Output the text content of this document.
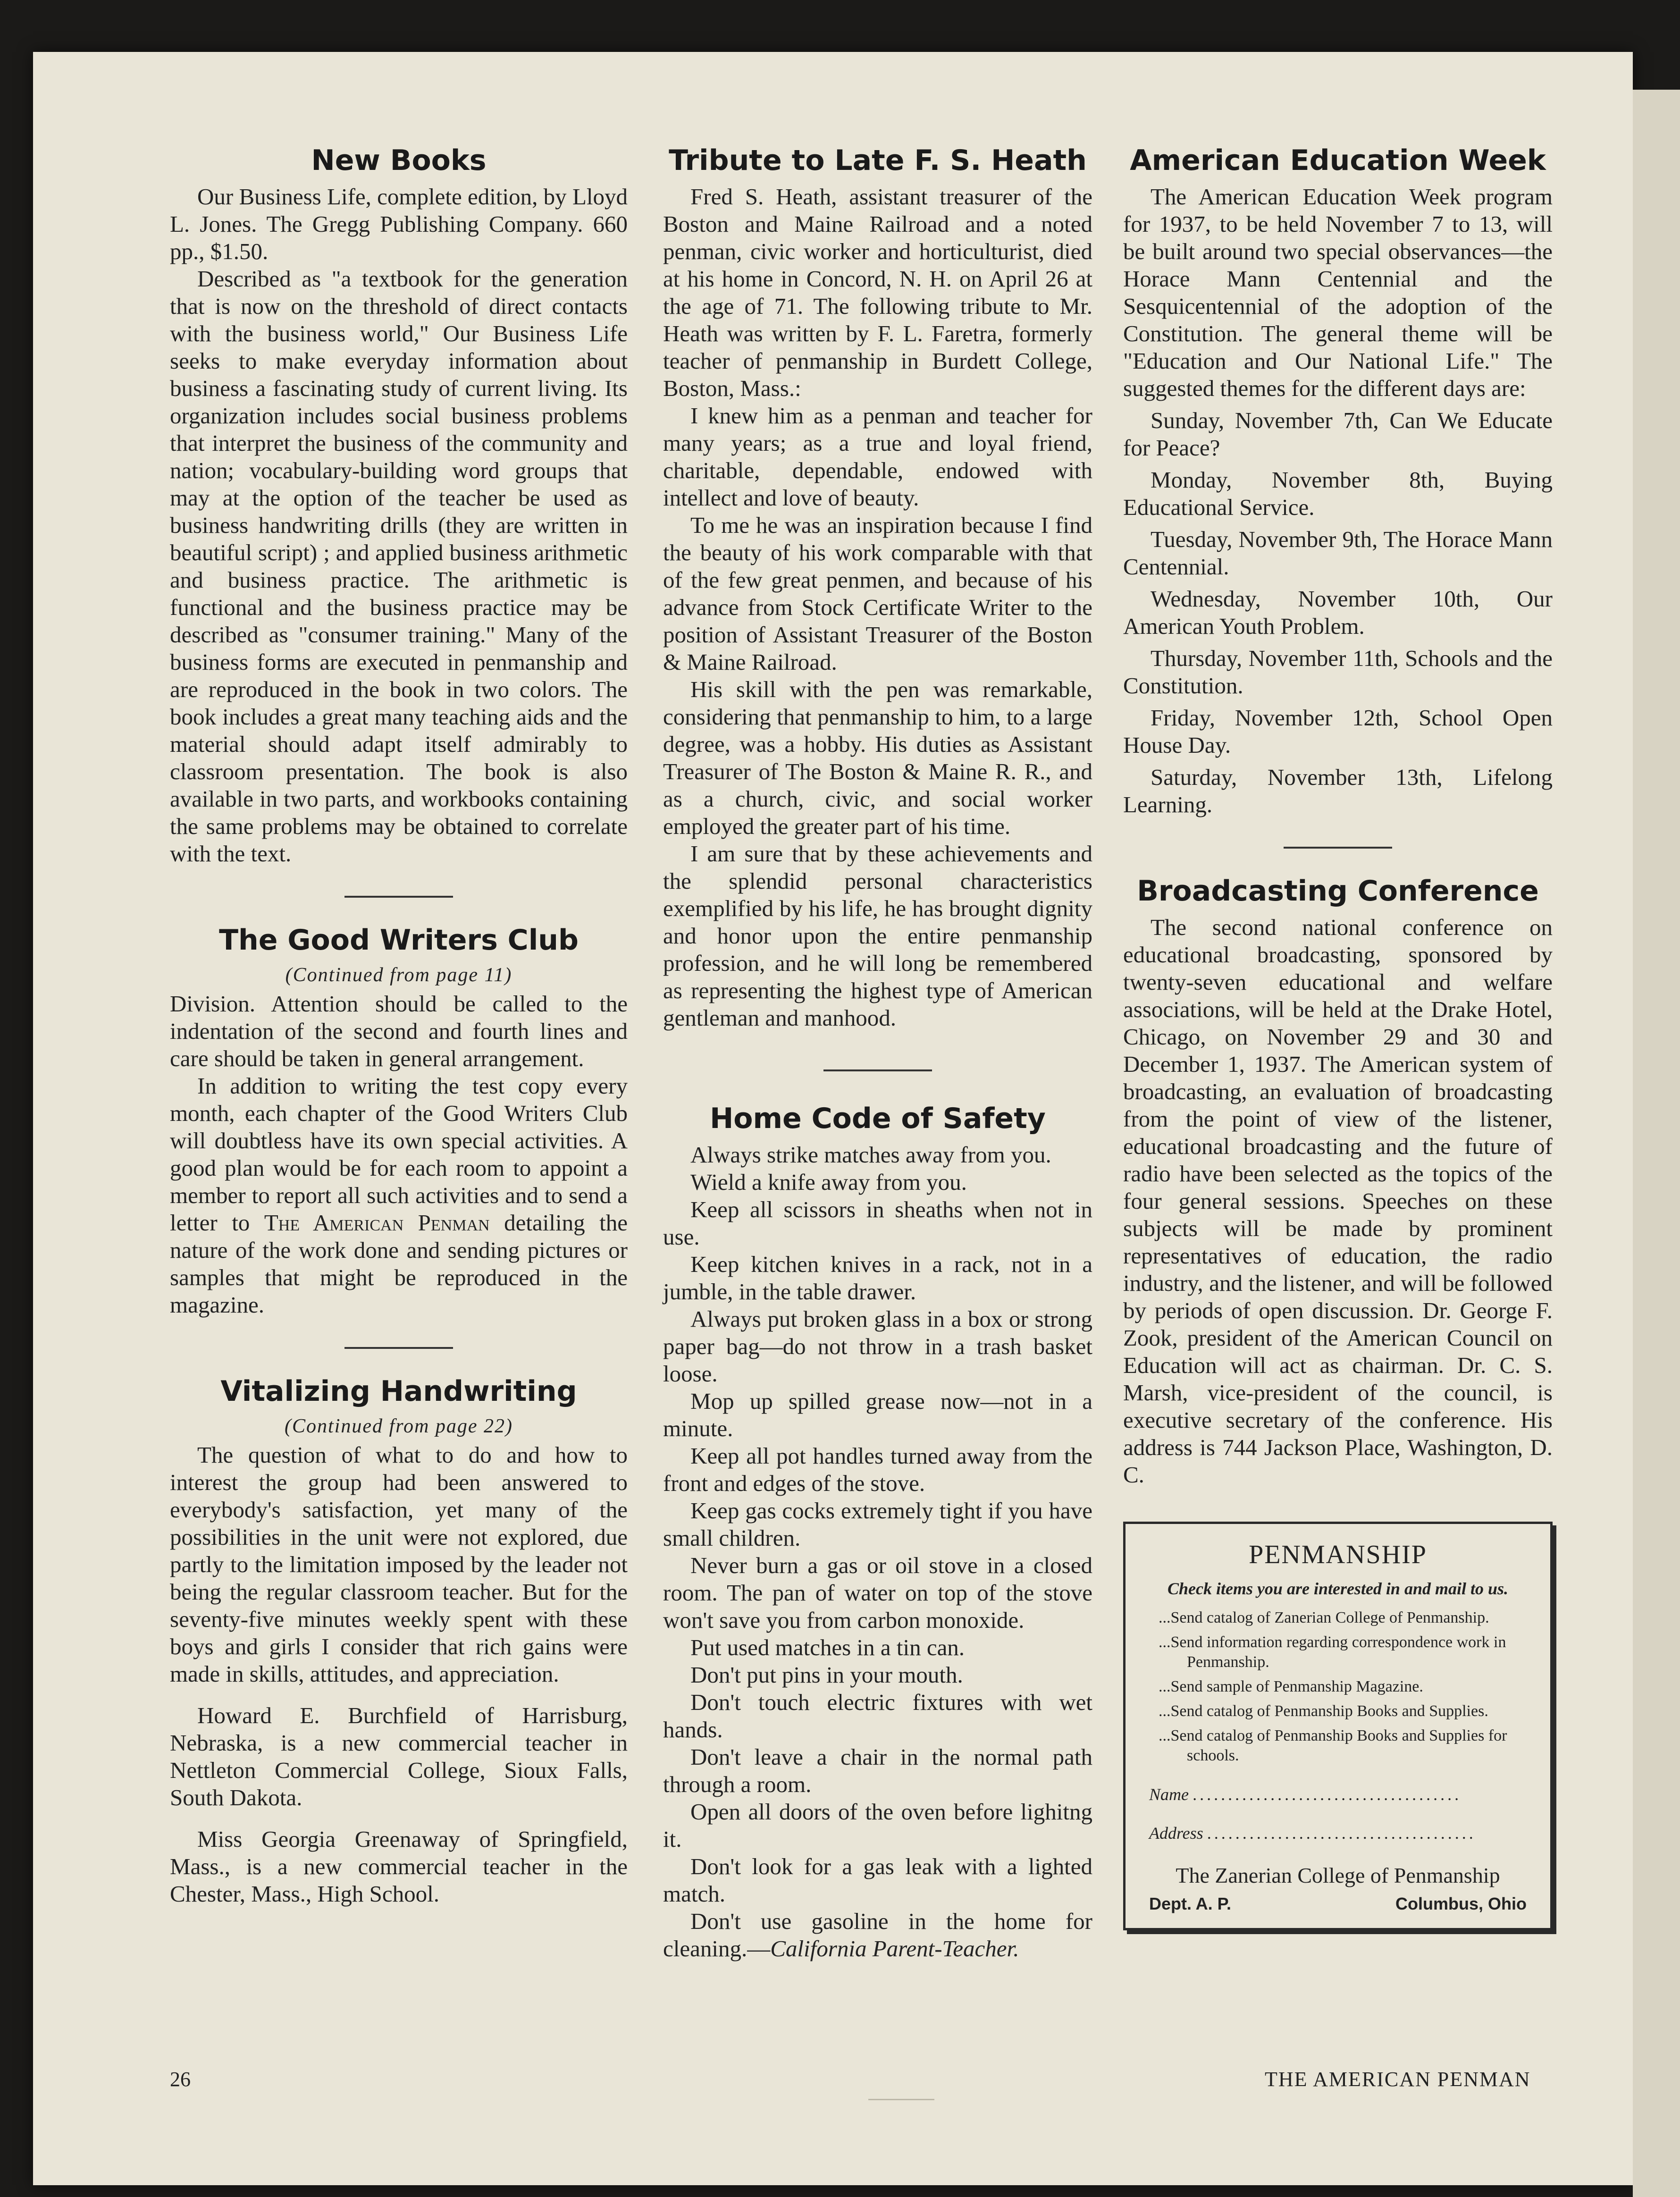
New Books

Our Business Life, complete edition, by Lloyd L. Jones. The Gregg Publishing Company. 660 pp., $1.50.

Described as "a textbook for the generation that is now on the threshold of direct contacts with the business world," Our Business Life seeks to make everyday information about business a fascinating study of current living. Its organization includes social business problems that interpret the business of the community and nation; vocabulary-building word groups that may at the option of the teacher be used as business handwriting drills (they are written in beautiful script) ; and applied business arithmetic and business practice. The arithmetic is functional and the business practice may be described as "consumer training." Many of the business forms are executed in penmanship and are reproduced in the book in two colors. The book includes a great many teaching aids and the material should adapt itself admirably to classroom presentation. The book is also available in two parts, and workbooks containing the same problems may be obtained to correlate with the text.

The Good Writers Club
(Continued from page 11)

Division. Attention should be called to the indentation of the second and fourth lines and care should be taken in general arrangement.

In addition to writing the test copy every month, each chapter of the Good Writers Club will doubtless have its own special activities. A good plan would be for each room to appoint a member to report all such activities and to send a letter to The American Penman detailing the nature of the work done and sending pictures or samples that might be reproduced in the magazine.

Vitalizing Handwriting
(Continued from page 22)

The question of what to do and how to interest the group had been answered to everybody's satisfaction, yet many of the possibilities in the unit were not explored, due partly to the limitation imposed by the leader not being the regular classroom teacher. But for the seventy-five minutes weekly spent with these boys and girls I consider that rich gains were made in skills, attitudes, and appreciation.

Howard E. Burchfield of Harrisburg, Nebraska, is a new commercial teacher in Nettleton Commercial College, Sioux Falls, South Dakota.

Miss Georgia Greenaway of Springfield, Mass., is a new commercial teacher in the Chester, Mass., High School.

Tribute to Late F. S. Heath

Fred S. Heath, assistant treasurer of the Boston and Maine Railroad and a noted penman, civic worker and horticulturist, died at his home in Concord, N. H. on April 26 at the age of 71. The following tribute to Mr. Heath was written by F. L. Faretra, formerly teacher of penmanship in Burdett College, Boston, Mass.:

I knew him as a penman and teacher for many years; as a true and loyal friend, charitable, dependable, endowed with intellect and love of beauty.

To me he was an inspiration because I find the beauty of his work comparable with that of the few great penmen, and because of his advance from Stock Certificate Writer to the position of Assistant Treasurer of the Boston & Maine Railroad.

His skill with the pen was remarkable, considering that penmanship to him, to a large degree, was a hobby. His duties as Assistant Treasurer of The Boston & Maine R. R., and as a church, civic, and social worker employed the greater part of his time.

I am sure that by these achievements and the splendid personal characteristics exemplified by his life, he has brought dignity and honor upon the entire penmanship profession, and he will long be remembered as representing the highest type of American gentleman and manhood.

Home Code of Safety

Always strike matches away from you.

Wield a knife away from you.

Keep all scissors in sheaths when not in use.

Keep kitchen knives in a rack, not in a jumble, in the table drawer.

Always put broken glass in a box or strong paper bag—do not throw in a trash basket loose.

Mop up spilled grease now—not in a minute.

Keep all pot handles turned away from the front and edges of the stove.

Keep gas cocks extremely tight if you have small children.

Never burn a gas or oil stove in a closed room. The pan of water on top of the stove won't save you from carbon monoxide.

Put used matches in a tin can.

Don't put pins in your mouth.

Don't touch electric fixtures with wet hands.

Don't leave a chair in the normal path through a room.

Open all doors of the oven before lighitng it.

Don't look for a gas leak with a lighted match.

Don't use gasoline in the home for cleaning.—California Parent-Teacher.

American Education Week

The American Education Week program for 1937, to be held November 7 to 13, will be built around two special observances—the Horace Mann Centennial and the Sesquicentennial of the adoption of the Constitution. The general theme will be "Education and Our National Life." The suggested themes for the different days are:

Sunday, November 7th, Can We Educate for Peace?

Monday, November 8th, Buying Educational Service.

Tuesday, November 9th, The Horace Mann Centennial.

Wednesday, November 10th, Our American Youth Problem.

Thursday, November 11th, Schools and the Constitution.

Friday, November 12th, School Open House Day.

Saturday, November 13th, Lifelong Learning.

Broadcasting Conference

The second national conference on educational broadcasting, sponsored by twenty-seven educational and welfare associations, will be held at the Drake Hotel, Chicago, on November 29 and 30 and December 1, 1937. The American system of broadcasting, an evaluation of broadcasting from the point of view of the listener, educational broadcasting and the future of radio have been selected as the topics of the four general sessions. Speeches on these subjects will be made by prominent representatives of education, the radio industry, and the listener, and will be followed by periods of open discussion. Dr. George F. Zook, president of the American Council on Education will act as chairman. Dr. C. S. Marsh, vice-president of the council, is executive secretary of the conference. His address is 744 Jackson Place, Washington, D. C.

PENMANSHIP
Check items you are interested in and mail to us.
...Send catalog of Zanerian College of Penmanship.
...Send information regarding correspondence work in Penmanship.
...Send sample of Penmanship Magazine.
...Send catalog of Penmanship Books and Supplies.
...Send catalog of Penmanship Books and Supplies for schools.
Name ......................................
Address ......................................
The Zanerian College of Penmanship
Dept. A. P.	Columbus, Ohio
26	THE AMERICAN PENMAN
